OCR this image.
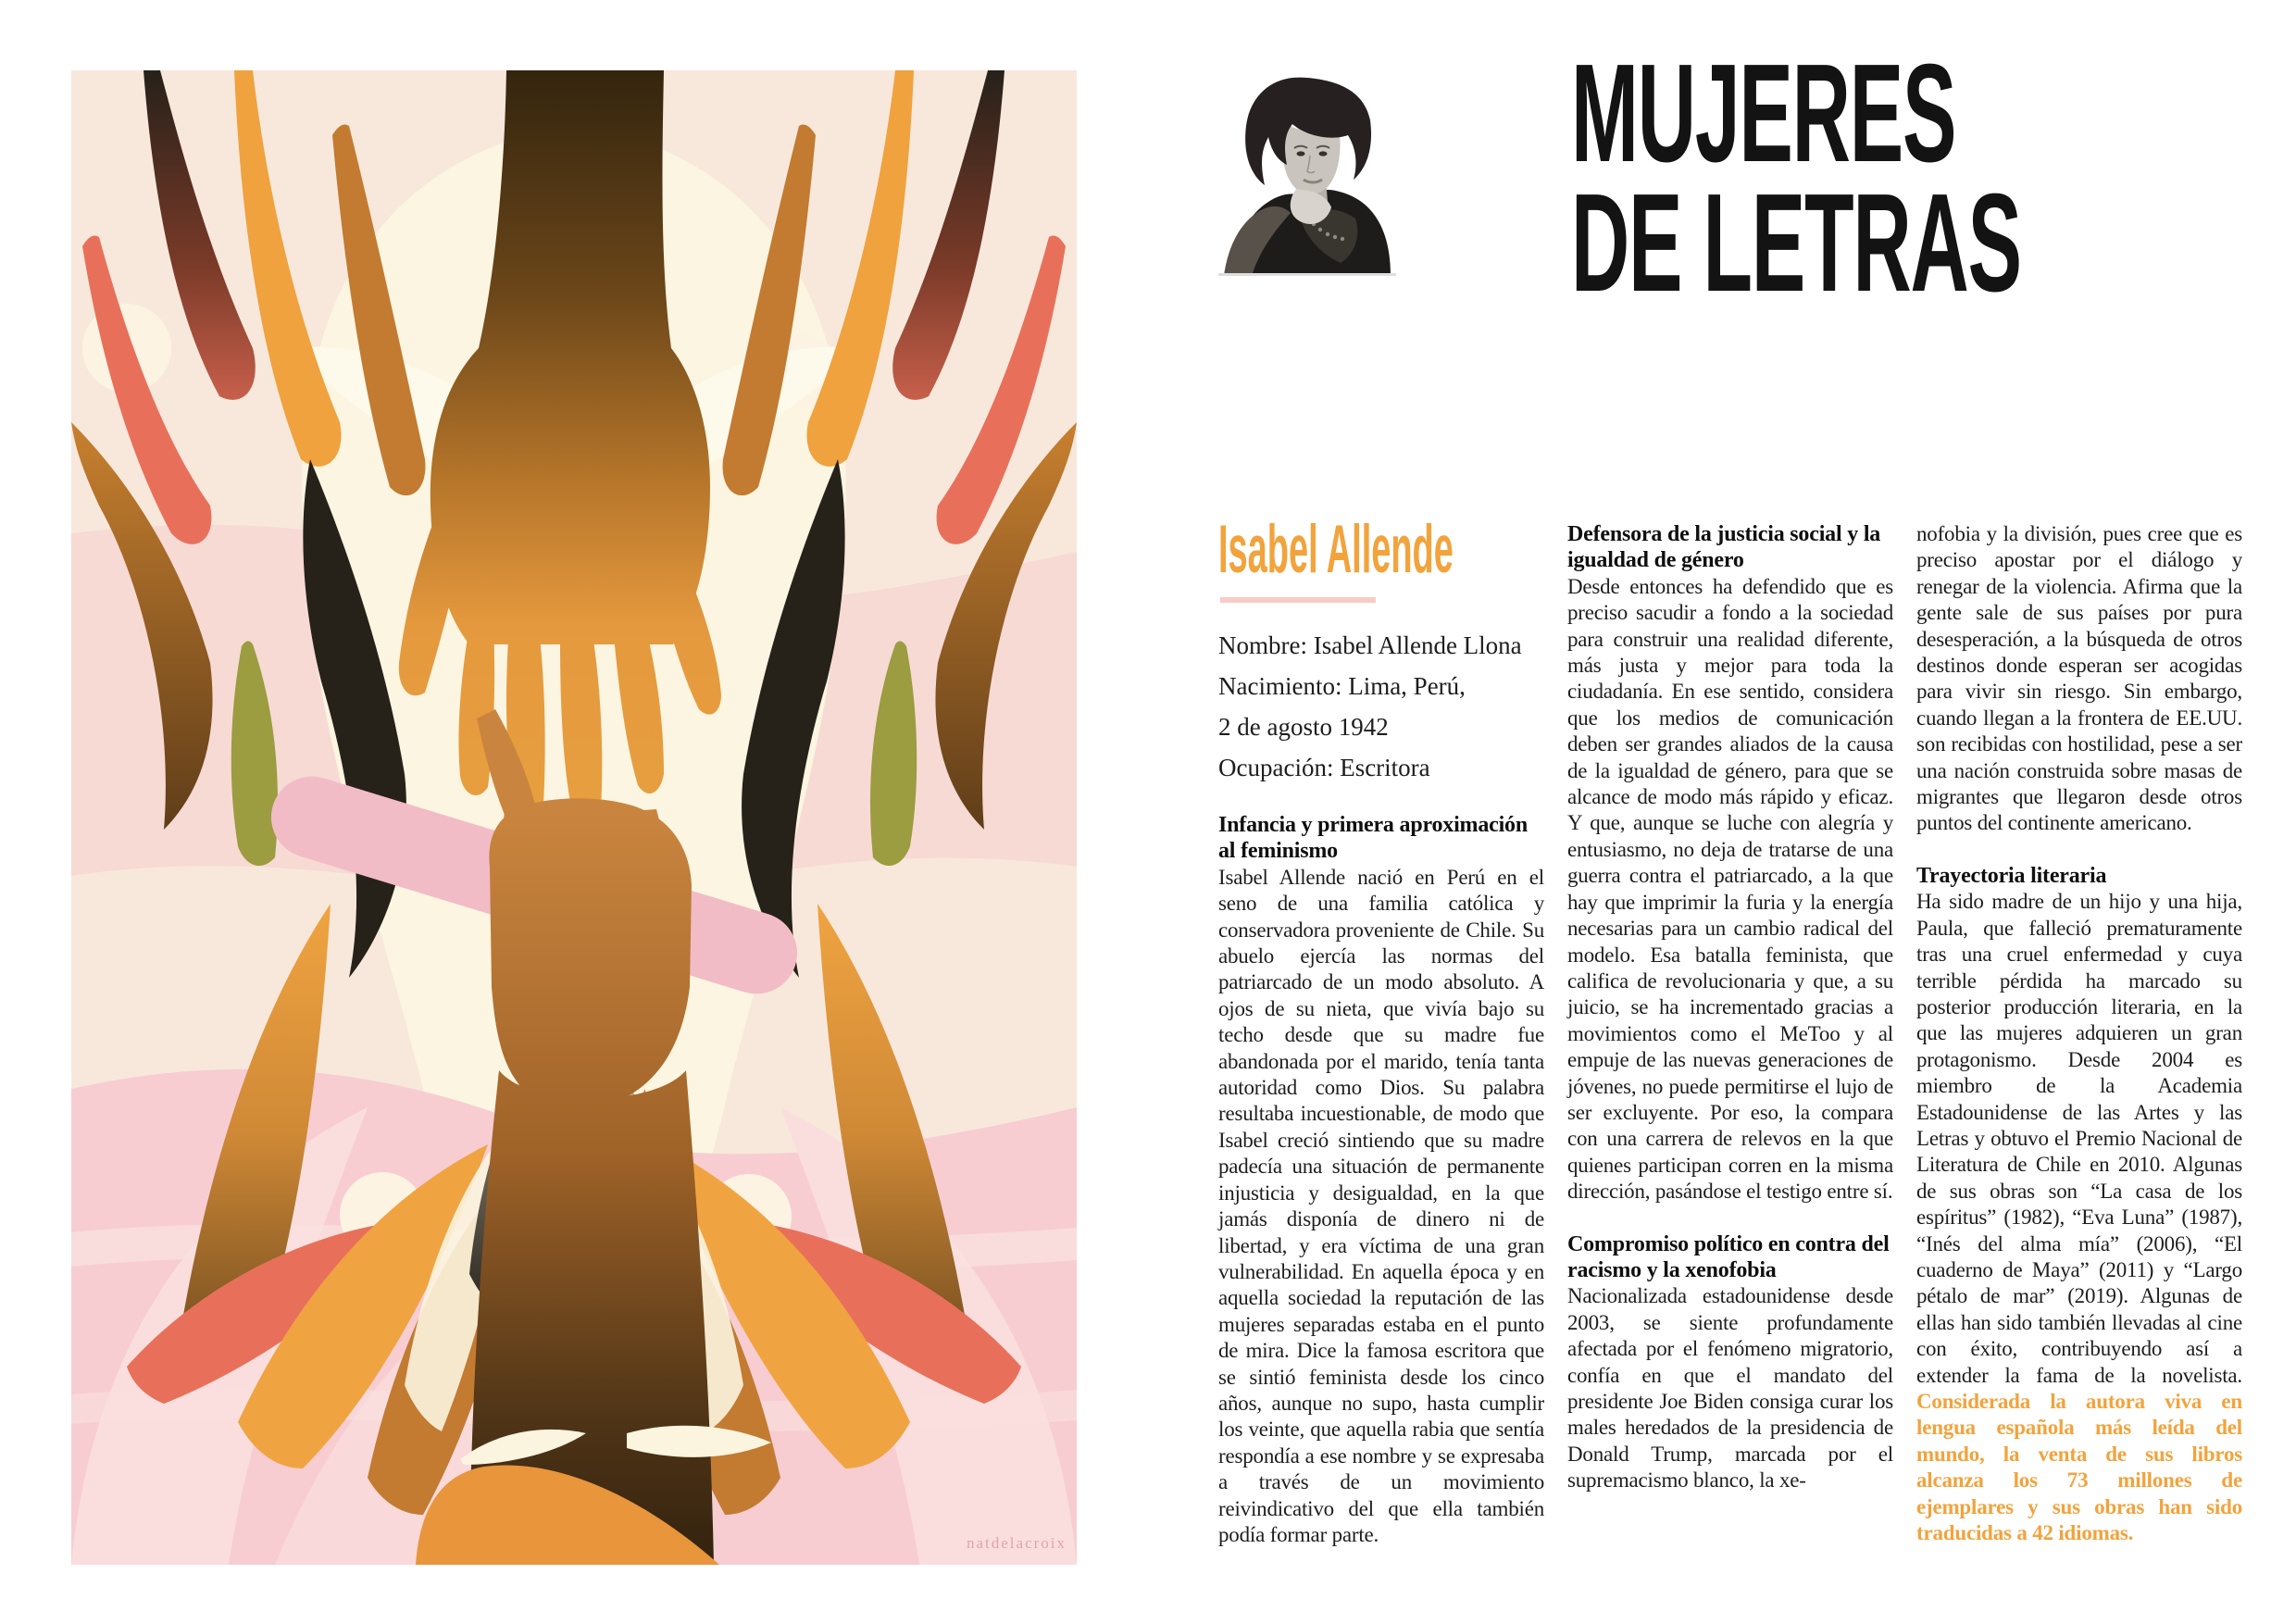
natdelacroix
MUJERES
DE LETRAS
Isabel Allende
Nombre: Isabel Allende Llona
Nacimiento: Lima, Perú,
2 de agosto 1942
Ocupación: Escritora
Infancia y primera aproximación al feminismo

Isabel Allende nació en Perú en el seno de una familia católica y conservadora proveniente de Chile. Su abuelo ejercía las normas del patriarcado de un modo absoluto. A ojos de su nieta, que vivía bajo su techo desde que su madre fue abandonada por el marido, tenía tanta autoridad como Dios. Su palabra resultaba incuestionable, de modo que Isabel creció sintiendo que su madre padecía una situación de permanente injusticia y desigualdad, en la que jamás disponía de dinero ni de libertad, y era víctima de una gran vulnerabilidad. En aquella época y en aquella sociedad la reputación de las mujeres separadas estaba en el punto de mira. Dice la famosa escritora que se sintió feminista desde los cinco años, aunque no supo, hasta cumplir los veinte, que aquella rabia que sentía respondía a ese nombre y se expresaba a través de un movimiento reivindicativo del que ella también podía formar parte.

Defensora de la justicia social y la igualdad de género

Desde entonces ha defendido que es preciso sacudir a fondo a la sociedad para construir una realidad diferente, más justa y mejor para toda la ciudadanía. En ese sentido, considera que los medios de comunicación deben ser grandes aliados de la causa de la igualdad de género, para que se alcance de modo más rápido y eficaz. Y que, aunque se luche con alegría y entusiasmo, no deja de tratarse de una guerra contra el patriarcado, a la que hay que imprimir la furia y la energía necesarias para un cambio radical del modelo. Esa batalla feminista, que califica de revolucionaria y que, a su juicio, se ha incrementado gracias a movimientos como el MeToo y al empuje de las nuevas generaciones de jóvenes, no puede permitirse el lujo de ser excluyente. Por eso, la compara con una carrera de relevos en la que quienes participan corren en la misma dirección, pasándose el testigo entre sí.

Compromiso político en contra del racismo y la xenofobia

Nacionalizada estadounidense desde 2003, se siente profundamente afectada por el fenómeno migratorio, confía en que el mandato del presidente Joe Biden consiga curar los males heredados de la presidencia de Donald Trump, marcada por el supremacismo blanco, la xe-

nofobia y la división, pues cree que es preciso apostar por el diálogo y renegar de la violencia. Afirma que la gente sale de sus países por pura desesperación, a la búsqueda de otros destinos donde esperan ser acogidas para vivir sin riesgo. Sin embargo, cuando llegan a la frontera de EE.UU. son recibidas con hostilidad, pese a ser una nación construida sobre masas de migrantes que llegaron desde otros puntos del continente americano.

Trayectoria literaria

Ha sido madre de un hijo y una hija, Paula, que falleció prematuramente tras una cruel enfermedad y cuya terrible pérdida ha marcado su posterior producción literaria, en la que las mujeres adquieren un gran protagonismo. Desde 2004 es miembro de la Academia Estadounidense de las Artes y las Letras y obtuvo el Premio Nacional de Literatura de Chile en 2010. Algunas de sus obras son “La casa de los espíritus” (1982), “Eva Luna” (1987), “Inés del alma mía” (2006), “El cuaderno de Maya” (2011) y “Largo pétalo de mar” (2019). Algunas de ellas han sido también llevadas al cine con éxito, contribuyendo así a extender la fama de la novelista. Considerada la autora viva en lengua española más leída del mundo, la venta de sus libros alcanza los 73 millones de ejemplares y sus obras han sido traducidas a 42 idiomas.
